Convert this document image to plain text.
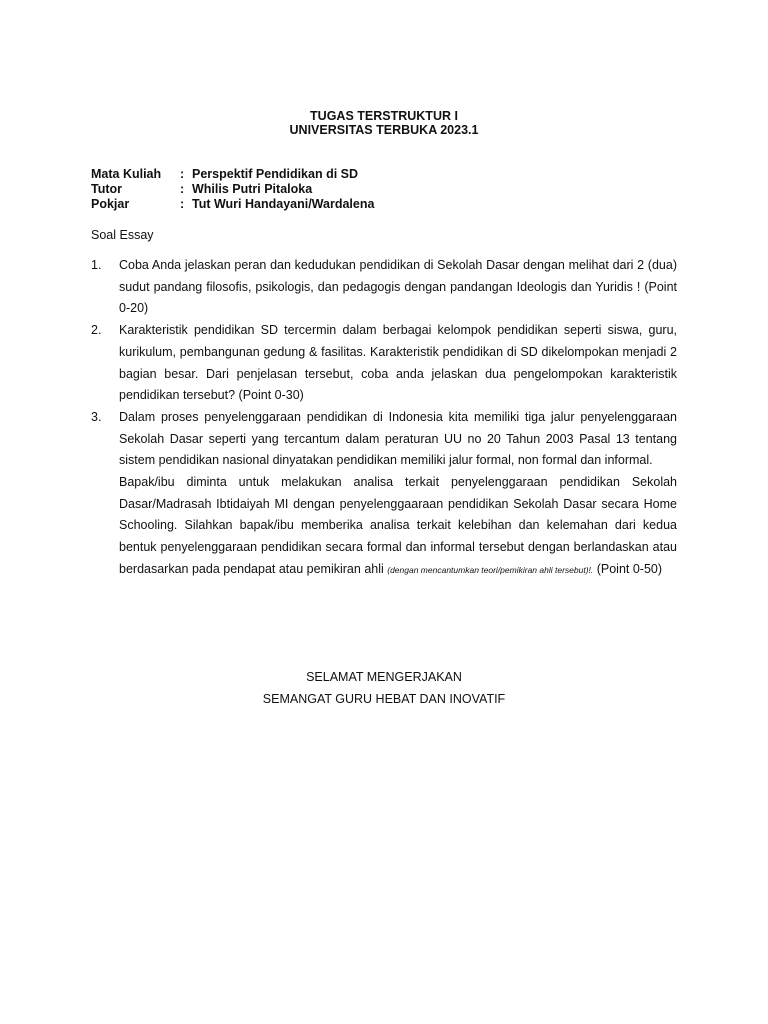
TUGAS TERSTRUKTUR I
UNIVERSITAS TERBUKA 2023.1
Mata Kuliah	: Perspektif Pendidikan di SD
Tutor	: Whilis Putri Pitaloka
Pokjar	: Tut Wuri Handayani/Wardalena
Soal Essay
1.	Coba Anda jelaskan peran dan kedudukan pendidikan di Sekolah Dasar dengan melihat dari 2 (dua) sudut pandang filosofis, psikologis, dan pedagogis dengan pandangan Ideologis dan Yuridis ! (Point 0-20)

2.	Karakteristik pendidikan SD tercermin dalam berbagai kelompok pendidikan seperti siswa, guru, kurikulum, pembangunan gedung & fasilitas. Karakteristik pendidikan di SD dikelompokan menjadi 2 bagian besar. Dari penjelasan tersebut, coba anda jelaskan dua pengelompokan karakteristik pendidikan tersebut? (Point 0-30)

3.	Dalam proses penyelenggaraan pendidikan di Indonesia kita memiliki tiga jalur penyelenggaraan Sekolah Dasar seperti yang tercantum dalam peraturan UU no 20 Tahun 2003 Pasal 13 tentang sistem pendidikan nasional dinyatakan pendidikan memiliki jalur formal, non formal dan informal.

Bapak/ibu diminta untuk melakukan analisa terkait penyelenggaraan pendidikan Sekolah Dasar/Madrasah Ibtidaiyah MI dengan penyelenggaaraan pendidikan Sekolah Dasar secara Home Schooling. Silahkan bapak/ibu memberika analisa terkait kelebihan dan kelemahan dari kedua bentuk penyelenggaraan pendidikan secara formal dan informal tersebut dengan berlandaskan atau berdasarkan pada pendapat atau pemikiran ahli (dengan mencantumkan teori/pemikiran ahli tersebut)!. (Point 0-50)

SELAMAT MENGERJAKAN
SEMANGAT GURU HEBAT DAN INOVATIF
